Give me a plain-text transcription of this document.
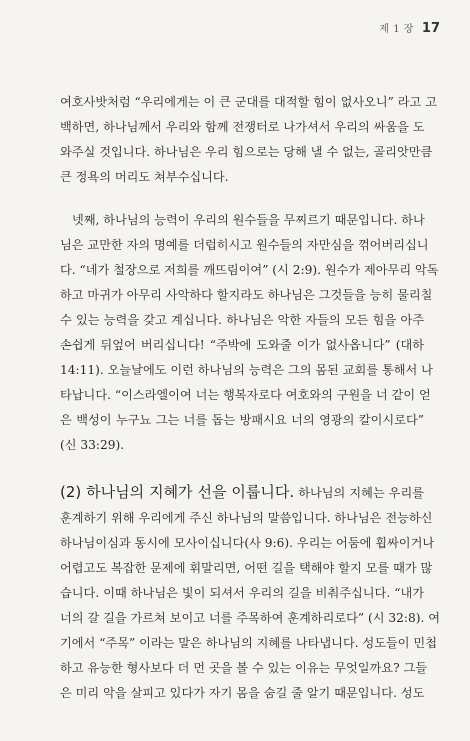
제 1 장 17
여호사밧처럼 “우리에게는 이 큰 군대를 대적할 힘이 없사오니” 라고 고
백하면, 하나님께서 우리와 함께 전쟁터로 나가셔서 우리의 싸움을 도
와주실 것입니다. 하나님은 우리 힘으로는 당해 낼 수 없는, 골리앗만큼
큰 정욕의 머리도 쳐부수십니다.
넷째, 하나님의 능력이 우리의 원수들을 무찌르기 때문입니다. 하나
님은 교만한 자의 명예를 더럽히시고 원수들의 자만심을 꺾어버리십니
다. “네가 철장으로 저희를 깨뜨림이여” (시 2:9). 원수가 제아무리 악독
하고 마귀가 아무리 사악하다 할지라도 하나님은 그것들을 능히 물리칠
수 있는 능력을 갖고 계십니다. 하나님은 악한 자들의 모든 힘을 아주
손쉽게 뒤엎어 버리십니다! “주박에 도와줄 이가 없사옵니다” (대하
14:11). 오늘날에도 이런 하나님의 능력은 그의 몸된 교회를 통해서 나
타납니다. “이스라엘이여 너는 행복자로다 여호와의 구원을 너 같이 얻
은 백성이 누구뇨 그는 너를 돕는 방패시요 너의 영광의 칼이시로다”
(신 33:29).
(2) 하나님의 지혜가 선을 이룹니다. 하나님의 지혜는 우리를
훈계하기 위해 우리에게 주신 하나님의 말씀입니다. 하나님은 전능하신
하나님이심과 동시에 모사이십니다(사 9:6). 우리는 어둠에 휩싸이거나
어렵고도 복잡한 문제에 휘말리면, 어떤 길을 택해야 할지 모를 때가 많
습니다. 이때 하나님은 빛이 되셔서 우리의 길을 비춰주십니다. “내가
너의 갈 길을 가르쳐 보이고 너를 주목하여 훈계하리로다” (시 32:8). 여
기에서 “주목” 이라는 말은 하나님의 지혜를 나타냅니다. 성도들이 민첩
하고 유능한 형사보다 더 먼 곳을 볼 수 있는 이유는 무엇일까요? 그들
은 미리 악을 살피고 있다가 자기 몸을 숨길 줄 알기 때문입니다. 성도
